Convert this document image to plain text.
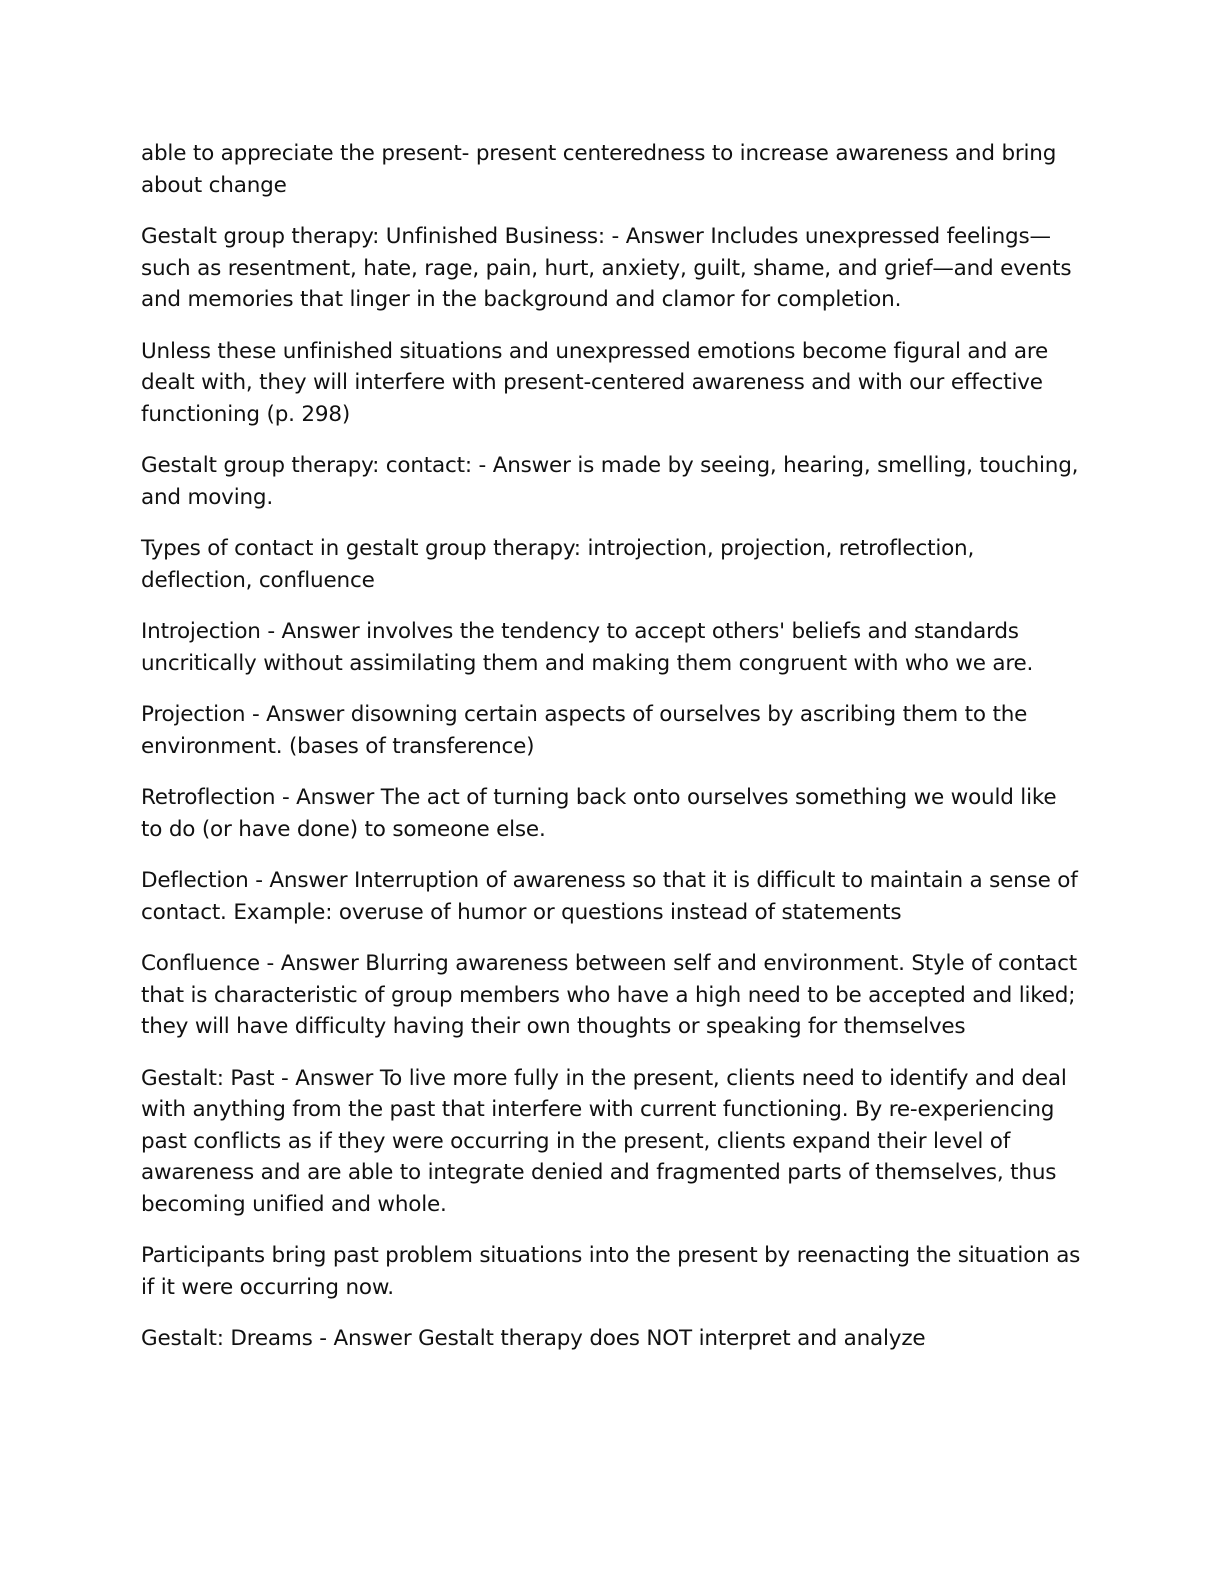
able to appreciate the present- present centeredness to increase awareness and bring about change

Gestalt group therapy: Unfinished Business: - Answer Includes unexpressed feelings—such as resentment, hate, rage, pain, hurt, anxiety, guilt, shame, and grief—and events and memories that linger in the background and clamor for completion.

Unless these unfinished situations and unexpressed emotions become figural and are dealt with, they will interfere with present-centered awareness and with our effective functioning (p. 298)

Gestalt group therapy: contact: - Answer is made by seeing, hearing, smelling, touching, and moving.

Types of contact in gestalt group therapy: introjection, projection, retroflection, deflection, confluence

Introjection - Answer involves the tendency to accept others' beliefs and standards uncritically without assimilating them and making them congruent with who we are.

Projection - Answer disowning certain aspects of ourselves by ascribing them to the environment. (bases of transference)

Retroflection - Answer The act of turning back onto ourselves something we would like to do (or have done) to someone else.

Deflection - Answer Interruption of awareness so that it is difficult to maintain a sense of contact. Example: overuse of humor or questions instead of statements

Confluence - Answer Blurring awareness between self and environment. Style of contact that is characteristic of group members who have a high need to be accepted and liked; they will have difficulty having their own thoughts or speaking for themselves

Gestalt: Past - Answer To live more fully in the present, clients need to identify and deal with anything from the past that interfere with current functioning. By re-experiencing past conflicts as if they were occurring in the present, clients expand their level of awareness and are able to integrate denied and fragmented parts of themselves, thus becoming unified and whole.

Participants bring past problem situations into the present by reenacting the situation as if it were occurring now.

Gestalt: Dreams - Answer Gestalt therapy does NOT interpret and analyze
